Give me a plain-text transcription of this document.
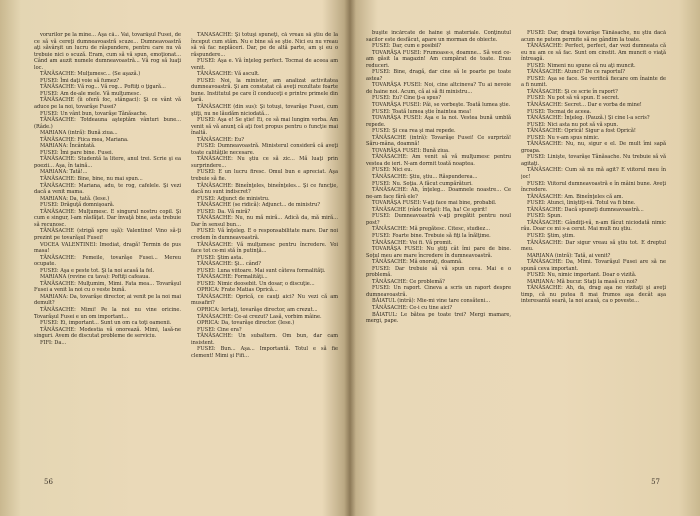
vorurilor pe la mine... Aşa că... Vai, tovarăşul Fusei, de ce să vă cereţi dumneavoastră scuze... Dumneavoastră aţi săvârşit un lucru de răspundere, pentru care nu vă trebuie nici o scuză. Eram, cum să vă spun, emoţionat... Când am auzit numele dumneavoastră... Vă rog să luaţi loc.

TĂNĂSACHE: Mulţumesc... (Se aşază.)

FUSEI: Îmi daţi voie să fumez?

TĂNĂSACHE: Vă rog... Vă rog... Poftiţi o ţigară...

FUSEI: Am de-ale mele. Vă mulţumesc.

TĂNĂSACHE (îi oferă foc, stângaci): Şi ce vânt vă aduce pe la noi, tovarăşe Fusei?

FUSEI: Un vânt bun, tovarăşe Tănăsache.

TĂNĂSACHE: Totdeauna aşteptăm vânturi bune... (Râde.)

MARIANA (intră): Bună ziua...

TĂNĂSACHE: Fiica mea, Mariana.

MARIANA: Încântată.

FUSEI: Îmi pare bine. Fusei.

TĂNĂSACHE: Studentă la litere, anul trei. Scrie şi ea poezii... Aşa, în taină...

MARIANA: Tată!...

TĂNĂSACHE: Bine, bine, nu mai spun...

TĂNĂSACHE: Mariana, adu, te rog, cafelele. Şi vezi dacă a venit mama.

MARIANA: Da, tată. (Iese.)

FUSEI: Drăguţă domnişoară.

TĂNĂSACHE: Mulţumesc. E singurul nostru copil. Şi cum e singur, l-am răsfăţat. Dar învaţă bine, asta trebuie să recunosc.

TĂNĂSACHE (strigă spre uşă): Valentino! Vino să-ţi prezint pe tovarăşul Fusei!

VOCEA VALENTINEI: Imediat, dragă! Termin de pus masa!

TĂNĂSACHE: Femeile, tovarăşe Fusei... Mereu ocupate.

FUSEI: Aşa e peste tot. Şi la noi acasă la fel.

MARIANA (revine cu tava): Poftiţi cafeaua.

TĂNĂSACHE: Mulţumim, Mimi. Fata mea... Tovarăşul Fusei a venit la noi cu o veste bună.

MARIANA: Da, tovarăşe director, ai venit pe la noi mai demult?

TĂNĂSACHE: Mimi! Pe la noi nu vine oricine. Tovarăşul Fusei e un om important...

FUSEI: Ei, important... Sunt un om ca toţi oamenii.

TĂNĂSACHE: Modestia vă onorează. Mimi, lasă-ne singuri. Avem de discutat probleme de serviciu.

FIFI: Da...

TĂNĂSACHE: Şi totuşi spuneţi, că vreau să ştiu de la început cum stăm. Nu e bine să se ştie. Nici eu nu vreau să vă fac neplăceri. Dar, pe de altă parte, am şi eu o răspundere...

FUSEI: Aşa e. Vă înţeleg perfect. Tocmai de aceea am venit.

TĂNĂSACHE: Vă ascult.

FUSEI: Noi, la minister, am analizat activitatea dumneavoastră. Şi am constatat că aveţi rezultate foarte bune. Institutul pe care îl conduceţi e printre primele din ţară.

TĂNĂSACHE (din sus): Şi totuşi, tovarăşe Fusei, cum ştiţi, nu ne lăudăm niciodată...

FUSEI: Aşa e! Se ştie! Ei, ce să mai lungim vorba. Am venit să vă anunţ că aţi fost propus pentru o funcţie mai înaltă.

TĂNĂSACHE: Eu?

FUSEI: Dumneavoastră. Ministerul consideră că aveţi toate calităţile necesare.

TĂNĂSACHE: Nu ştiu ce să zic... Mă luaţi prin surprindere...

FUSEI: E un lucru firesc. Omul bun e apreciat. Aşa trebuie să fie.

TĂNĂSACHE: Bineînţeles, bineînţeles... Şi ce funcţie, dacă nu sunt indiscret?

FUSEI: Adjunct de ministru.

TĂNĂSACHE (se ridică): Adjunct... de ministru?

FUSEI: Da. Vă miră?

TĂNĂSACHE: Nu, nu mă miră... Adică da, mă miră... Dar în sensul bun...

FUSEI: Vă înţeleg. E o responsabilitate mare. Dar noi credem în dumneavoastră.

TĂNĂSACHE: Vă mulţumesc pentru încredere. Voi face tot ce-mi stă în putinţă...

FUSEI: Ştim asta.

TĂNĂSACHE: Şi... când?

FUSEI: Luna viitoare. Mai sunt câteva formalităţi.

TĂNĂSACHE: Formalităţi...

FUSEI: Nimic deosebit. Un dosar, o discuţie...

OPRICA: Frate Matias Oprică...

TĂNĂSACHE: Oprică, ce cauţi aici? Nu vezi că am musafiri?

OPRICA: Iertaţi, tovarăşe director, am crezut...

TĂNĂSACHE: Ce-ai crezut? Lasă, vorbim mâine.

OPRICA: Da, tovarăşe director. (Iese.)

FUSEI: Cine era?

TĂNĂSACHE: Un subaltern. Om bun, dar cam insistent.

FUSEI: Bun... Aşa... Importantă. Totul e să fie clement! Mimi şi Fifi...

56

buşite încărcate de haine şi materiale. Conţinutul sacilor este desfăcut, apare un morman de obiecte.

FUSEI: Dar, cum e posibil?

TOVARĂŞA FUSEI: Frumoase-s, doamne... Să vezi ce-am găsit la magazin! Am cumpărat de toate. Erau reduceri.

FUSEI: Bine, dragă, dar cine să le poarte pe toate astea?

TOVARĂŞA FUSEI: Noi, cine altcineva? Tu ai nevoie de haine noi. Acum, că ai să fii ministru...

FUSEI: Eu? Cine ţi-a spus?

TOVARĂŞA FUSEI: Păi, se vorbeşte. Toată lumea ştie.

FUSEI: Toată lumea ştie înaintea mea!

TOVARĂŞA FUSEI: Aşa e la noi. Vestea bună umblă repede.

FUSEI: Şi cea rea şi mai repede.

TĂNĂSACHE (intră): Tovarăşe Fusei! Ce surpriză! Săru-mâna, doamnă!

TOVARĂŞA FUSEI: Bună ziua.

TĂNĂSACHE: Am venit să vă mulţumesc pentru vestea de ieri. N-am dormit toată noaptea.

FUSEI: Nici eu.

TĂNĂSACHE: Ştiu, ştiu... Răspunderea...

FUSEI: Nu. Soţia. A făcut cumpărături.

TĂNĂSACHE: Ah, înţeleg... Doamnele noastre... Ce ne-am face fără ele?

TOVARĂŞA FUSEI: V-aţi face mai bine, probabil.

TĂNĂSACHE (râde forţat): Ha, ha! Ce spirit!

FUSEI: Dumneavoastră v-aţi pregătit pentru noul post?

TĂNĂSACHE: Mă pregătesc. Citesc, studiez...

FUSEI: Foarte bine. Trebuie să fiţi la înălţime.

TĂNĂSACHE: Voi fi. Vă promit.

TOVARĂŞA FUSEI: Nu ştiţi cât îmi pare de bine. Soţul meu are mare încredere în dumneavoastră.

TĂNĂSACHE: Mă onoraţi, doamnă.

FUSEI: Dar trebuie să vă spun ceva. Mai e o problemă.

TĂNĂSACHE: Ce problemă?

FUSEI: Un raport. Cineva a scris un raport despre dumneavoastră.

BĂIATUL (intră): Mie-mi vine tare consăteni...

TĂNĂSACHE: Ce-i cu tine aici?

BĂIATUL: Le bătea pe toate trei? Mergi mamare, mergi, pape.

FUSEI: Dar, dragă tovarăşe Tănăsache, nu ştiu dacă acum ne putem permite să ne gândim la toate.

TĂNĂSACHE: Perfect, perfect, dar vezi dumneata că eu nu am ce să fac. Sunt om cinstit. Am muncit o viaţă întreagă.

FUSEI: Nimeni nu spune că nu aţi muncit.

TĂNĂSACHE: Atunci? De ce raportul?

FUSEI: Aşa se face. Se verifică fiecare om înainte de a fi numit.

TĂNĂSACHE: Şi ce scrie în raport?

FUSEI: Nu pot să vă spun. E secret.

TĂNĂSACHE: Secret... Dar e vorba de mine!

FUSEI: Tocmai de aceea.

TĂNĂSACHE: Înţeleg. (Pauză.) Şi cine l-a scris?

FUSEI: Nici asta nu pot să vă spun.

TĂNĂSACHE: Oprică! Sigur a fost Oprică!

FUSEI: Nu v-am spus nimic.

TĂNĂSACHE: Nu, nu, sigur e el. De mult îmi sapă groapa.

FUSEI: Linişte, tovarăşe Tănăsache. Nu trebuie să vă agitaţi.

TĂNĂSACHE: Cum să nu mă agit? E viitorul meu în joc!

FUSEI: Viitorul dumneavoastră e în mâini bune. Aveţi încredere.

TĂNĂSACHE: Am. Bineînţeles că am.

FUSEI: Atunci, liniştiţi-vă. Totul va fi bine.

TĂNĂSACHE: Dacă spuneţi dumneavoastră...

FUSEI: Spun.

TĂNĂSACHE: Gândiţi-vă, n-am făcut niciodată nimic rău. Doar ce mi s-a cerut. Mai mult nu ştiu.

FUSEI: Ştim, ştim.

TĂNĂSACHE: Dar sigur vreau să ştiu tot. E dreptul meu.

MARIANA (intră): Tată, ai venit?

TĂNĂSACHE: Da, Mimi. Tovarăşul Fusei are să ne spună ceva important.

FUSEI: Nu, nimic important. Doar o vizită.

MARIANA: Mă bucur. Staţi la masă cu noi?

TĂNĂSACHE: Ah, da, drag aşa ne vizitaţi şi aveţi timp, că nu putea fi mai frumos aşa decât aşa interesantă seară, la noi acasă, ca o poveste...

57
